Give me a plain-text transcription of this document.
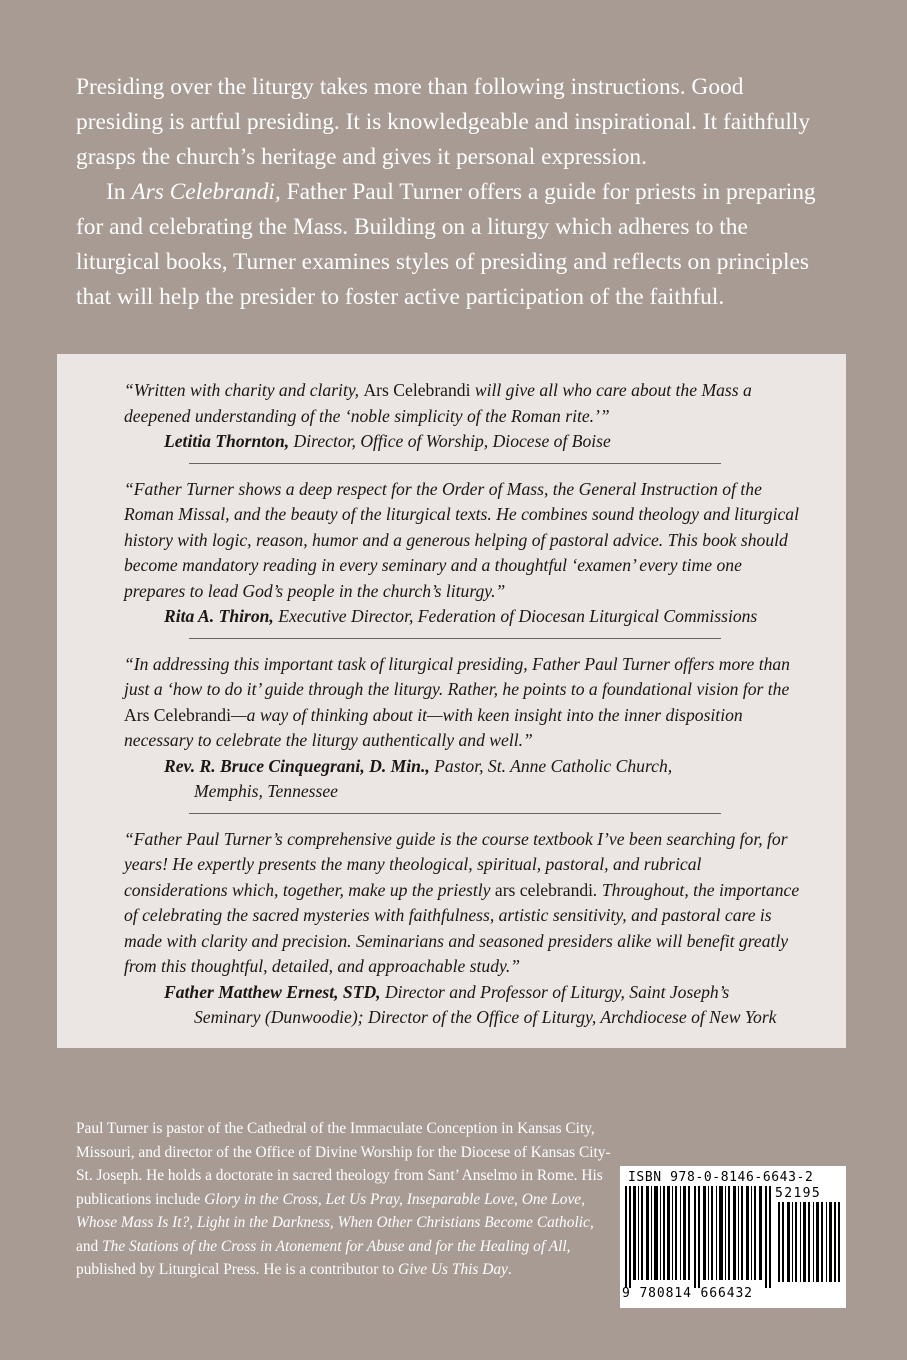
Presiding over the liturgy takes more than following instructions. Good presiding is artful presiding. It is knowledgeable and inspirational. It faithfully grasps the church’s heritage and gives it personal expression.

In Ars Celebrandi, Father Paul Turner offers a guide for priests in preparing for and celebrating the Mass. Building on a liturgy which adheres to the liturgical books, Turner examines styles of presiding and reflects on principles that will help the presider to foster active participation of the faithful.

“Written with charity and clarity, Ars Celebrandi will give all who care about the Mass a deepened understanding of the ‘noble simplicity of the Roman rite.’”

Letitia Thornton, Director, Office of Worship, Diocese of Boise

“Father Turner shows a deep respect for the Order of Mass, the General Instruction of the Roman Missal, and the beauty of the liturgical texts. He combines sound theology and liturgical history with logic, reason, humor and a generous helping of pastoral advice. This book should become mandatory reading in every seminary and a thoughtful ‘examen’ every time one prepares to lead God’s people in the church’s liturgy.”

Rita A. Thiron, Executive Director, Federation of Diocesan Liturgical Commissions

“In addressing this important task of liturgical presiding, Father Paul Turner offers more than just a ‘how to do it’ guide through the liturgy. Rather, he points to a foundational vision for the Ars Celebrandi—a way of thinking about it—with keen insight into the inner disposition necessary to celebrate the liturgy authentically and well.”

Rev. R. Bruce Cinquegrani, D. Min., Pastor, St. Anne Catholic Church,
Memphis, Tennessee

“Father Paul Turner’s comprehensive guide is the course textbook I’ve been searching for, for years! He expertly presents the many theological, spiritual, pastoral, and rubrical considerations which, together, make up the priestly ars celebrandi. Throughout, the importance of celebrating the sacred mysteries with faithfulness, artistic sensitivity, and pastoral care is made with clarity and precision. Seminarians and seasoned presiders alike will benefit greatly from this thoughtful, detailed, and approachable study.”

Father Matthew Ernest, STD, Director and Professor of Liturgy, Saint Joseph’s
Seminary (Dunwoodie); Director of the Office of Liturgy, Archdiocese of New York

Paul Turner is pastor of the Cathedral of the Immaculate Conception in Kansas City, Missouri, and director of the Office of Divine Worship for the Diocese of Kansas City-St. Joseph. He holds a doctorate in sacred theology from Sant’ Anselmo in Rome. His publications include Glory in the Cross, Let Us Pray, Inseparable Love, One Love, Whose Mass Is It?, Light in the Darkness, When Other Christians Become Catholic, and The Stations of the Cross in Atonement for Abuse and for the Healing of All, published by Liturgical Press. He is a contributor to Give Us This Day.
ISBN 978-0-8146-6643-2
52195
9 780814 666432
